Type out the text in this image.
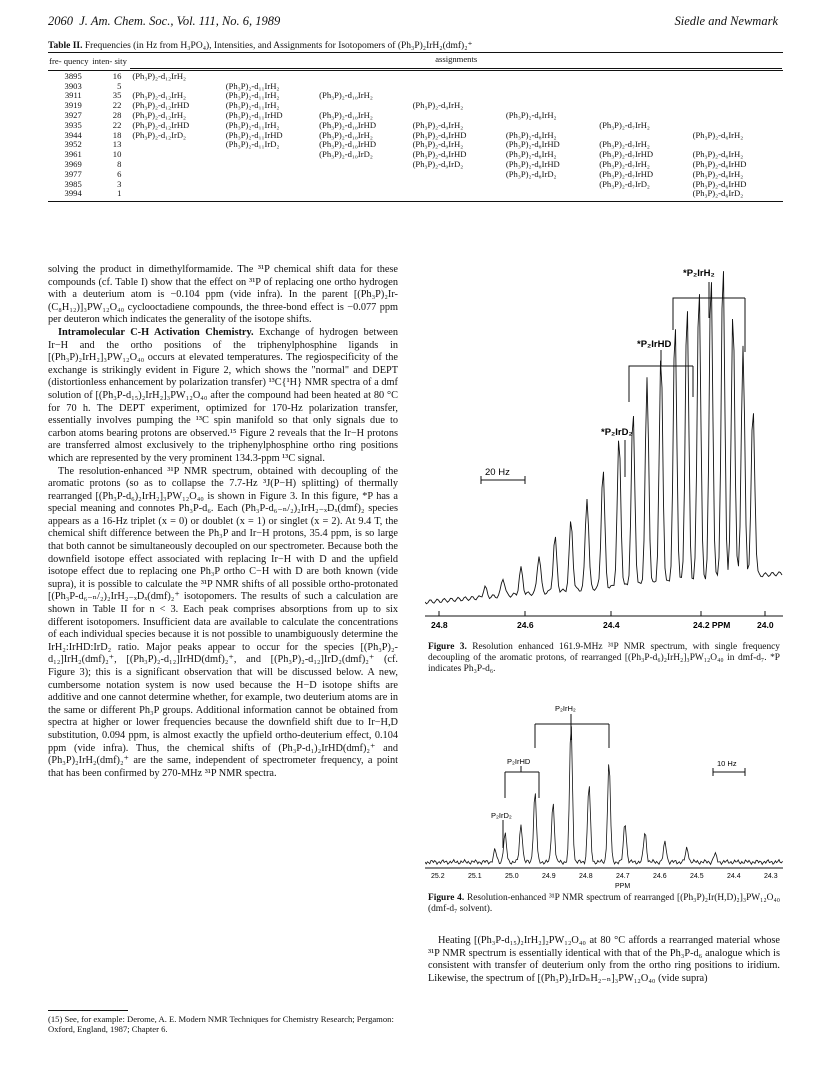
2060 J. Am. Chem. Soc., Vol. 111, No. 6, 1989	Siedle and Newmark
Table II. Frequencies (in Hz from H₃PO₄), Intensities, and Assignments for Isotopomers of (Ph₃P)₂IrH₂(dmf)₂⁺
fre- quency	inten- sity	assignments						

3895	16	(Ph₃P)₂-d₁₂IrH₂						
3903	5		(Ph₃P)₂-d₁₁IrH₂					
3911	35	(Ph₃P)₂-d₁₂IrH₂	(Ph₃P)₂-d₁₁IrH₂	(Ph₃P)₂-d₁₀IrH₂				
3919	22	(Ph₃P)₂-d₁₂IrHD	(Ph₃P)₂-d₁₁IrH₂		(Ph₃P)₂-d₉IrH₂			
3927	28	(Ph₃P)₂-d₁₂IrH₂	(Ph₃P)₂-d₁₁IrHD	(Ph₃P)₂-d₁₀IrH₂		(Ph₃P)₂-d₈IrH₂		
3935	22	(Ph₃P)₂-d₁₂IrHD	(Ph₃P)₂-d₁₁IrH₂	(Ph₃P)₂-d₁₀IrHD	(Ph₃P)₂-d₉IrH₂		(Ph₃P)₂-d₇IrH₂	
3944	18	(Ph₃P)₂-d₁₂IrD₂	(Ph₃P)₂-d₁₁IrHD	(Ph₃P)₂-d₁₀IrH₂	(Ph₃P)₂-d₉IrHD	(Ph₃P)₂-d₈IrH₂		(Ph₃P)₂-d₆IrH₂
3952	13		(Ph₃P)₂-d₁₁IrD₂	(Ph₃P)₂-d₁₀IrHD	(Ph₃P)₂-d₉IrH₂	(Ph₃P)₂-d₈IrHD	(Ph₃P)₂-d₇IrH₂	
3961	10			(Ph₃P)₂-d₁₀IrD₂	(Ph₃P)₂-d₉IrHD	(Ph₃P)₂-d₈IrH₂	(Ph₃P)₂-d₇IrHD	(Ph₃P)₂-d₆IrH₂
3969	8				(Ph₃P)₂-d₉IrD₂	(Ph₃P)₂-d₈IrHD	(Ph₃P)₂-d₇IrH₂	(Ph₃P)₂-d₆IrHD
3977	6					(Ph₃P)₂-d₈IrD₂	(Ph₃P)₂-d₇IrHD	(Ph₃P)₂-d₆IrH₂
3985	3						(Ph₃P)₂-d₇IrD₂	(Ph₃P)₂-d₆IrHD
3994	1							(Ph₃P)₂-d₆IrD₂

solving the product in dimethylformamide. The ³¹P chemical shift data for these compounds (cf. Table I) show that the effect on ³¹P of replacing one ortho hydrogen with a deuterium atom is −0.104 ppm (vide infra). In the parent [(Ph₃P)₂Ir-(C₈H₁₂)]₃PW₁₂O₄₀ cyclooctadiene compounds, the three-bond effect is −0.077 ppm per deuteron which indicates the generality of the isotope shifts.

Intramolecular C-H Activation Chemistry. Exchange of hydrogen between Ir−H and the ortho positions of the triphenylphosphine ligands in [(Ph₃P)₂IrH₂]₃PW₁₂O₄₀ occurs at elevated temperatures. The regiospecificity of the exchange is strikingly evident in Figure 2, which shows the "normal" and DEPT (distortionless enhancement by polarization transfer) ¹³C{¹H} NMR spectra of a dmf solution of [(Ph₃P-d₁₅)₂IrH₂]₃PW₁₂O₄₀ after the compound had been heated at 80 °C for 70 h. The DEPT experiment, optimized for 170-Hz polarization transfer, essentially involves pumping the ¹³C spin manifold so that only signals due to carbon atoms bearing protons are observed.¹⁵ Figure 2 reveals that the Ir−H protons are transferred almost exclusively to the triphenylphosphine ortho ring positions which are represented by the very prominent 134.3-ppm ¹³C signal.

The resolution-enhanced ³¹P NMR spectrum, obtained with decoupling of the aromatic protons (so as to collapse the 7.7-Hz ³J(P−H) splitting) of thermally rearranged [(Ph₃P-d₆)₂IrH₂]₃PW₁₂O₄₀ is shown in Figure 3. In this figure, *P has a special meaning and connotes Ph₃P-d₆. Each (Ph₃P-d₆₋ₙ/₂)₂IrH₂₋ₓDₓ(dmf)₂ species appears as a 16-Hz triplet (x = 0) or doublet (x = 1) or singlet (x = 2). At 9.4 T, the chemical shift difference between the Ph₃P and Ir−H protons, 35.4 ppm, is so large that both cannot be simultaneously decoupled on our spectrometer. Because both the downfield isotope effect associated with replacing Ir−H with D and the upfield isotope effect due to replacing one Ph₃P ortho C−H with D are both known (vide supra), it is possible to calculate the ³¹P NMR shifts of all possible ortho-protonated [(Ph₃P-d₆₋ₙ/₂)₂IrH₂₋ₓDₓ(dmf)₂⁺ isotopomers. The results of such a calculation are shown in Table II for n < 3. Each peak comprises absorptions from up to six different isotopomers. Insufficient data are available to calculate the concentrations of each individual species because it is not possible to unambiguously determine the IrH₂:IrHD:IrD₂ ratio. Major peaks appear to occur for the species [(Ph₃P)₂-d₁₂]IrH₂(dmf)₂⁺, [(Ph₃P)₂-d₁₂]IrHD(dmf)₂⁺, and [(Ph₃P)₂-d₁₂]IrD₂(dmf)₂⁺ (cf. Figure 3); this is a significant observation that will be discussed below. A new, cumbersome notation system is now used because the H−D isotope shifts are additive and one cannot determine whether, for example, two deuterium atoms are in the same or different Ph₃P groups. Additional information cannot be obtained from spectra at higher or lower frequencies because the downfield shift due to Ir−H,D substitution, 0.094 ppm, is almost exactly the upfield ortho-deuterium effect, 0.104 ppm (vide infra). Thus, the chemical shifts of (Ph₃P-d₁)₂IrHD(dmf)₂⁺ and (Ph₃P)₂IrH₂(dmf)₂⁺ are the same, independent of spectrometer frequency, a point that has been confirmed by 270-MHz ³¹P NMR spectra.

(15) See, for example: Derome, A. E. Modern NMR Techniques for Chemistry Research; Pergamon: Oxford, England, 1987; Chapter 6.
*P₂IrH₂
*P₂IrHD
*P₂IrD₂
20 Hz
24.8	24.6	24.4	24.2 PPM	24.0
Figure 3. Resolution enhanced 161.9-MHz ³¹P NMR spectrum, with single frequency decoupling of the aromatic protons, of rearranged [(Ph₃P-d₆)₂IrH₂]₃PW₁₂O₄₀ in dmf-d₇. *P indicates Ph₃P-d₆.
P₂IrH₂
P₂IrHD
P₂IrD₂
10 Hz
25.2	25.1	25.0	24.9	24.8	24.7	24.6	24.5	24.4	24.3
PPM
Figure 4. Resolution-enhanced ³¹P NMR spectrum of rearranged [(Ph₃P)₂Ir(H,D)₂]₃PW₁₂O₄₀ (dmf-d₇ solvent).

Heating [(Ph₃P-d₁₅)₂IrH₂]₂PW₁₂O₄₀ at 80 °C affords a rearranged material whose ³¹P NMR spectrum is essentially identical with that of the Ph₃P-d₆ analogue which is consistent with transfer of deuterium only from the ortho ring positions to iridium. Likewise, the spectrum of [(Ph₃P)₂IrDₙH₂₋ₙ]₃PW₁₂O₄₀ (vide supra)
